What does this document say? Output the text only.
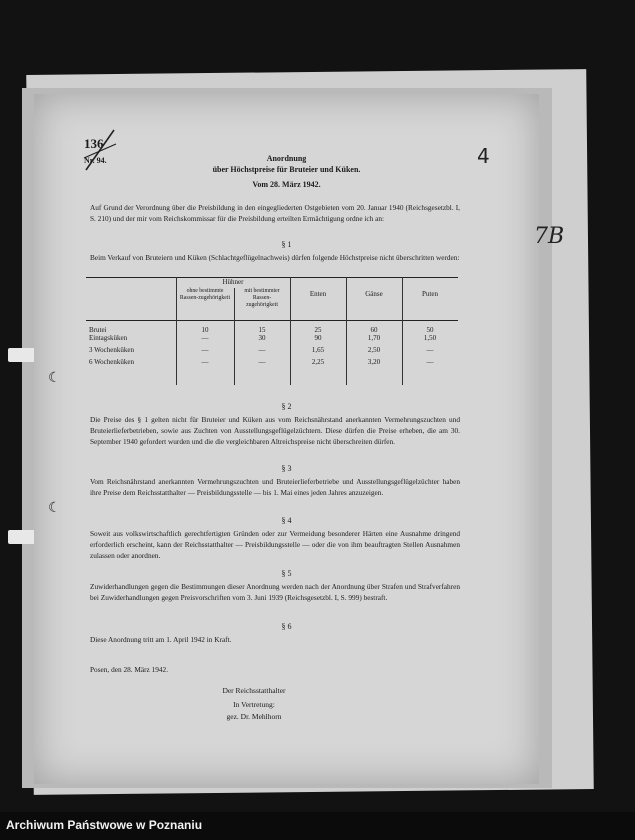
136
Nr. 94.	Anordnung
über Höchstpreise für Bruteier und Küken.
Vom 28. März 1942.
4
7B
Auf Grund der Verordnung über die Preisbildung in den eingegliederten Ostgebieten vom 20. Januar 1940 (Reichsgesetzbl. I, S. 210) und der mir vom Reichskommissar für die Preisbildung erteilten Ermächtigung ordne ich an:
§ 1
Beim Verkauf von Bruteiern und Küken (Schlachtgeflügelnachweis) dürfen folgende Höchstpreise nicht überschritten werden:
	Hühner		Enten	Gänse	Puten
	ohne bestimmte Rassen-zugehörigkeit	mit bestimmter Rassen-zugehörigkeit			
Brutei	10	15	25	60	50
Eintagsküken	—	30	90	1,70	1,50
3 Wochenküken	—	—	1,65	2,50	—
6 Wochenküken	—	—	2,25	3,20	—
§ 2
Die Preise des § 1 gelten nicht für Bruteier und Küken aus vom Reichsnährstand anerkannten Vermehrungszuchten und Bruteierlieferbetrieben, sowie aus Zuchten von Ausstellungsgeflügelzüchtern. Diese dürfen die Preise erheben, die am 30. September 1940 gefordert wurden und die die vergleichbaren Altreichspreise nicht überschreiten dürfen.
§ 3
Vom Reichsnährstand anerkannten Vermehrungszuchten und Bruteierlieferbetriebe und Ausstellungsgeflügelzüchter haben ihre Preise dem Reichsstatthalter — Preisbildungsstelle — bis 1. Mai eines jeden Jahres anzuzeigen.
§ 4
Soweit aus volkswirtschaftlich gerechtfertigten Gründen oder zur Vermeidung besonderer Härten eine Ausnahme dringend erforderlich erscheint, kann der Reichsstatthalter — Preisbildungsstelle — oder die von ihm beauftragten Stellen Ausnahmen zulassen oder anordnen.
§ 5
Zuwiderhandlungen gegen die Bestimmungen dieser Anordnung werden nach der Anordnung über Strafen und Strafverfahren bei Zuwiderhandlungen gegen Preisvorschriften vom 3. Juni 1939 (Reichsgesetzbl. I, S. 999) bestraft.
§ 6
Diese Anordnung tritt am 1. April 1942 in Kraft.
Posen, den 28. März 1942.
Der Reichsstatthalter
In Vertretung:
gez. Dr. Mehlhorn
☾
☾
Archiwum Państwowe w Poznaniu
